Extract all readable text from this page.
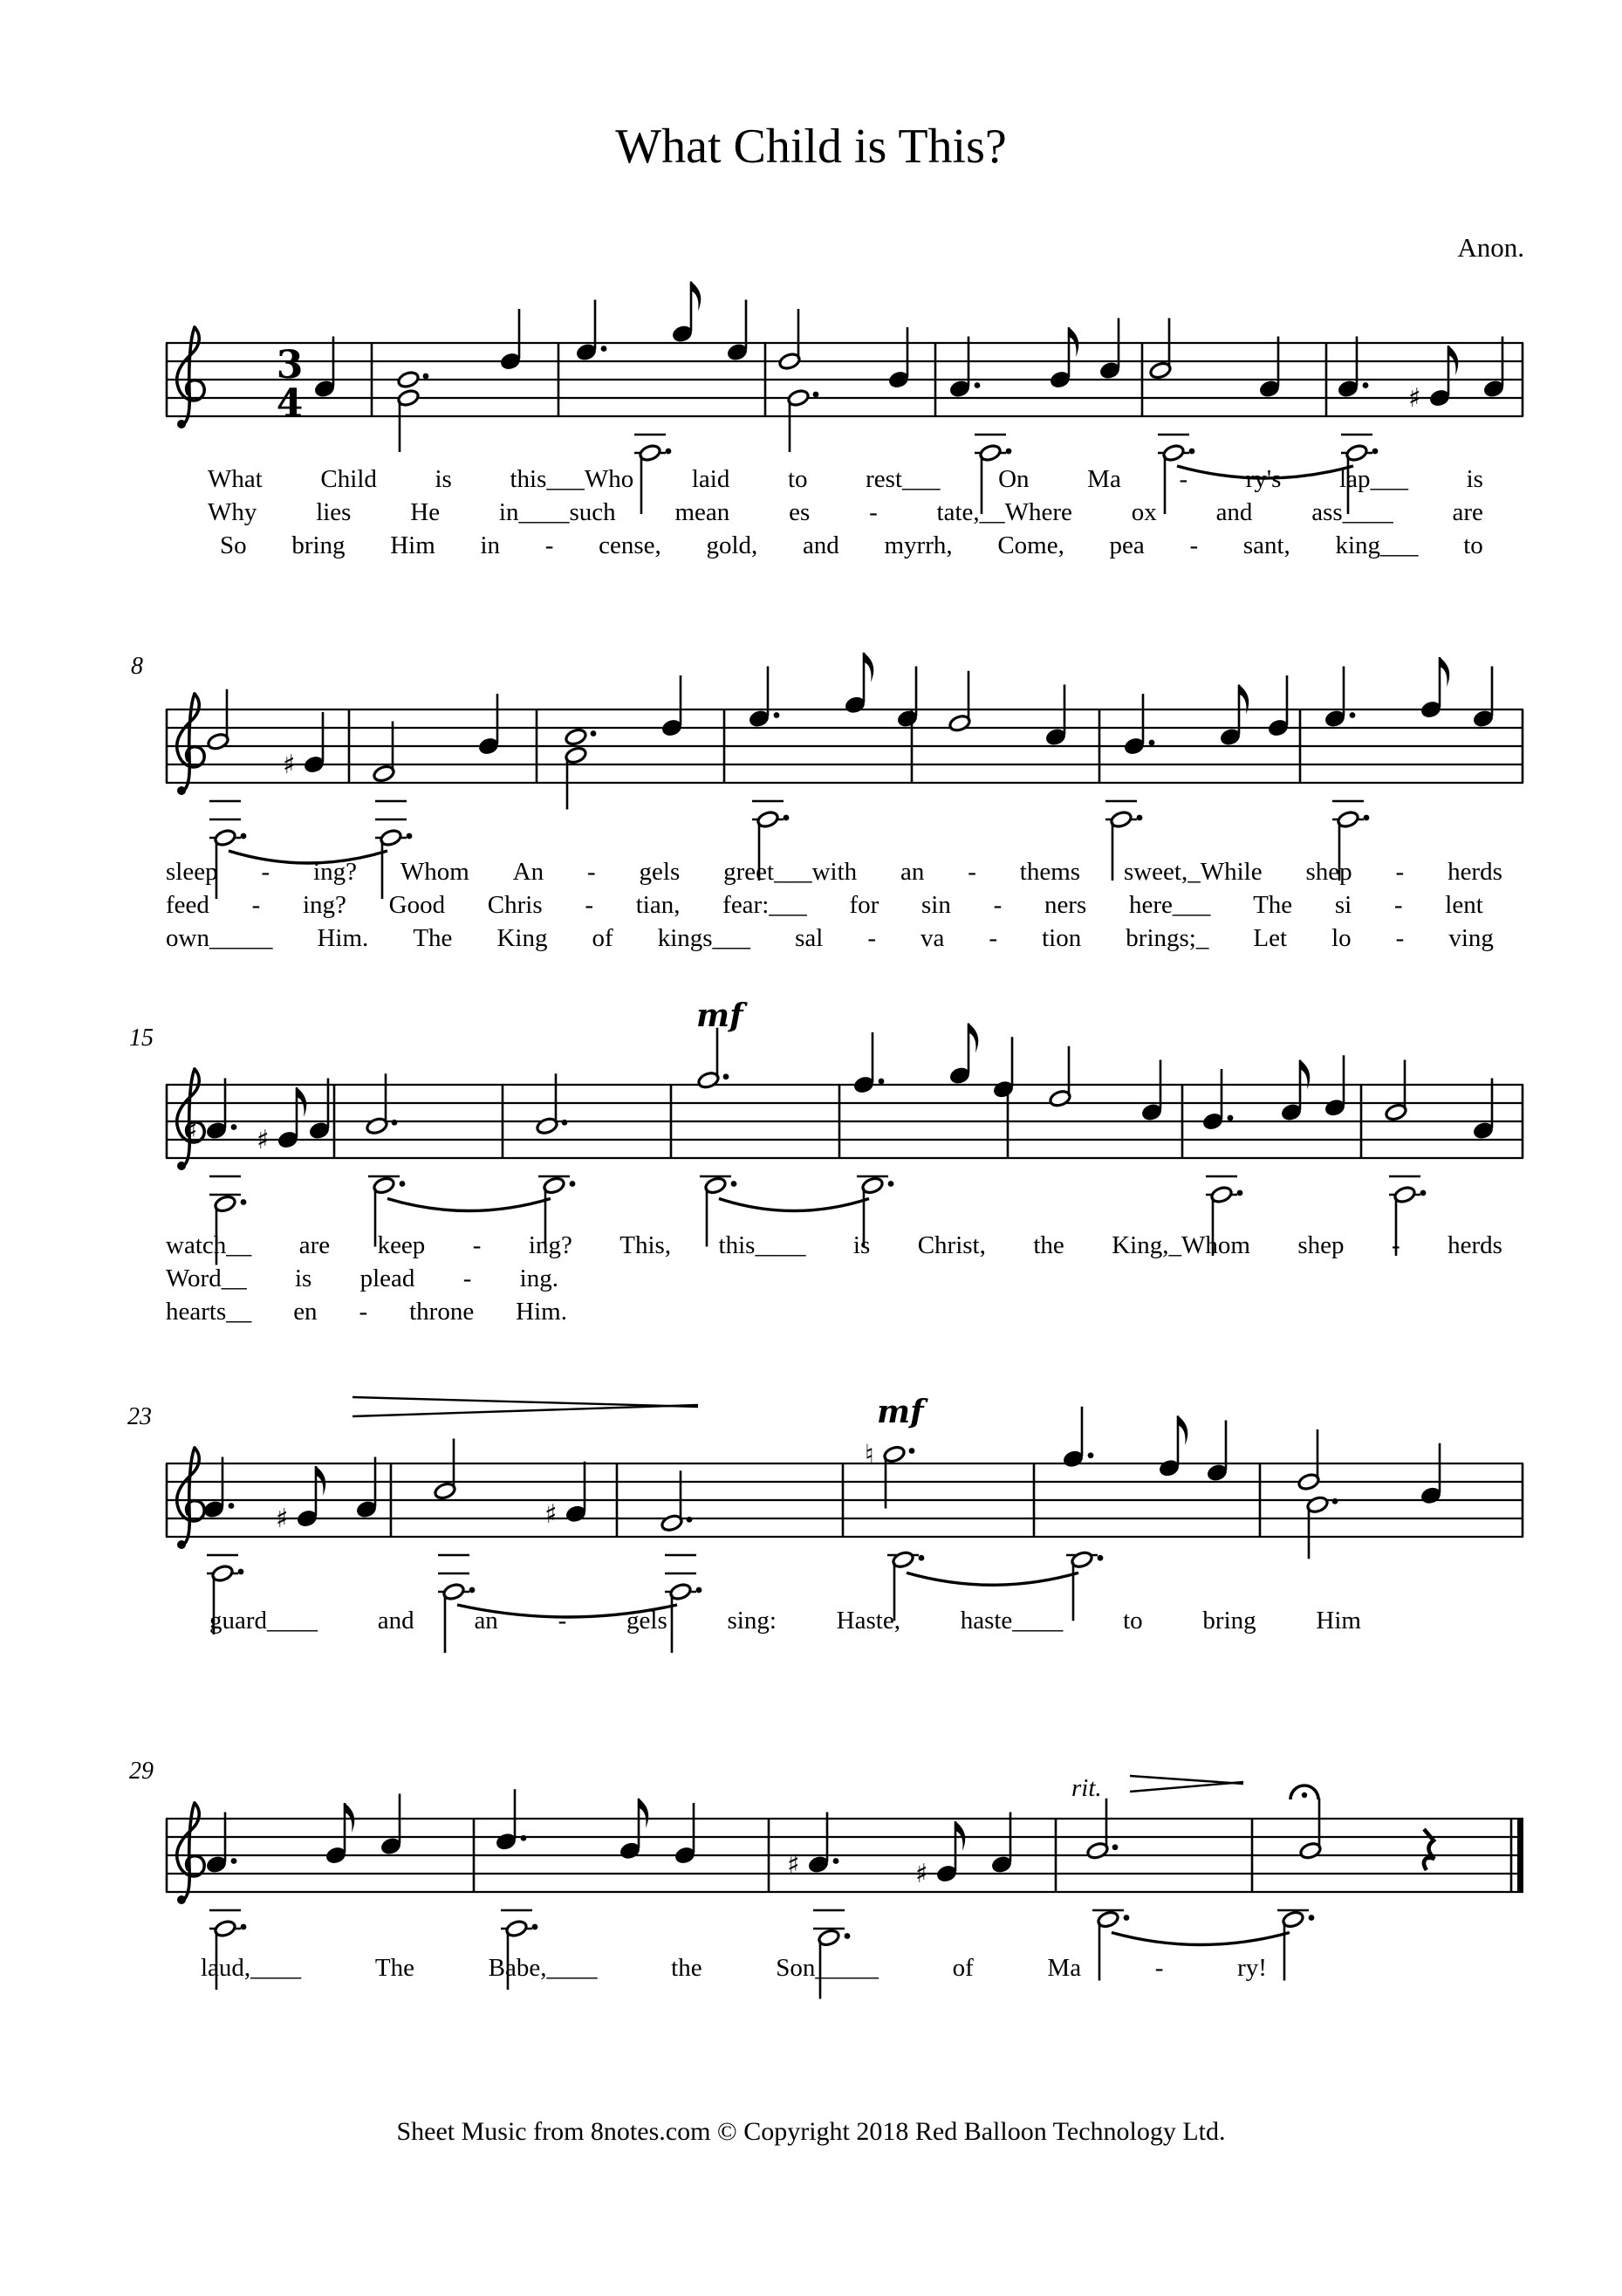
What Child is This?
Anon.
3
4	♯
8
♯
15
♯ ♯
mf
23
♯	♯
♮
mf
29
♯	♯
rit.
What Child is this___Who laid to rest___ On Ma - ry's lap___ is
Why lies He in____such mean es - tate,__Where ox and ass____ are
So bring Him in - cense, gold, and myrrh, Come, pea - sant, king___ to
sleep - ing? Whom An - gels greet___with an - thems sweet,_While shep - herds
feed - ing? Good Chris - tian, fear:___ for sin - ners here___ The si - lent
own_____ Him. The King of kings___ sal - va - tion brings;_ Let lo - ving
watch__ are keep - ing? This, this____ is Christ, the King,_Whom shep - herds
Word__ is plead - ing.
hearts__ en - throne Him.
guard____ and an - gels sing: Haste, haste____ to bring Him
laud,____	The	Babe,____	the	Son_____	of	Ma	-	ry!
Sheet Music from 8notes.com © Copyright 2018 Red Balloon Technology Ltd.
